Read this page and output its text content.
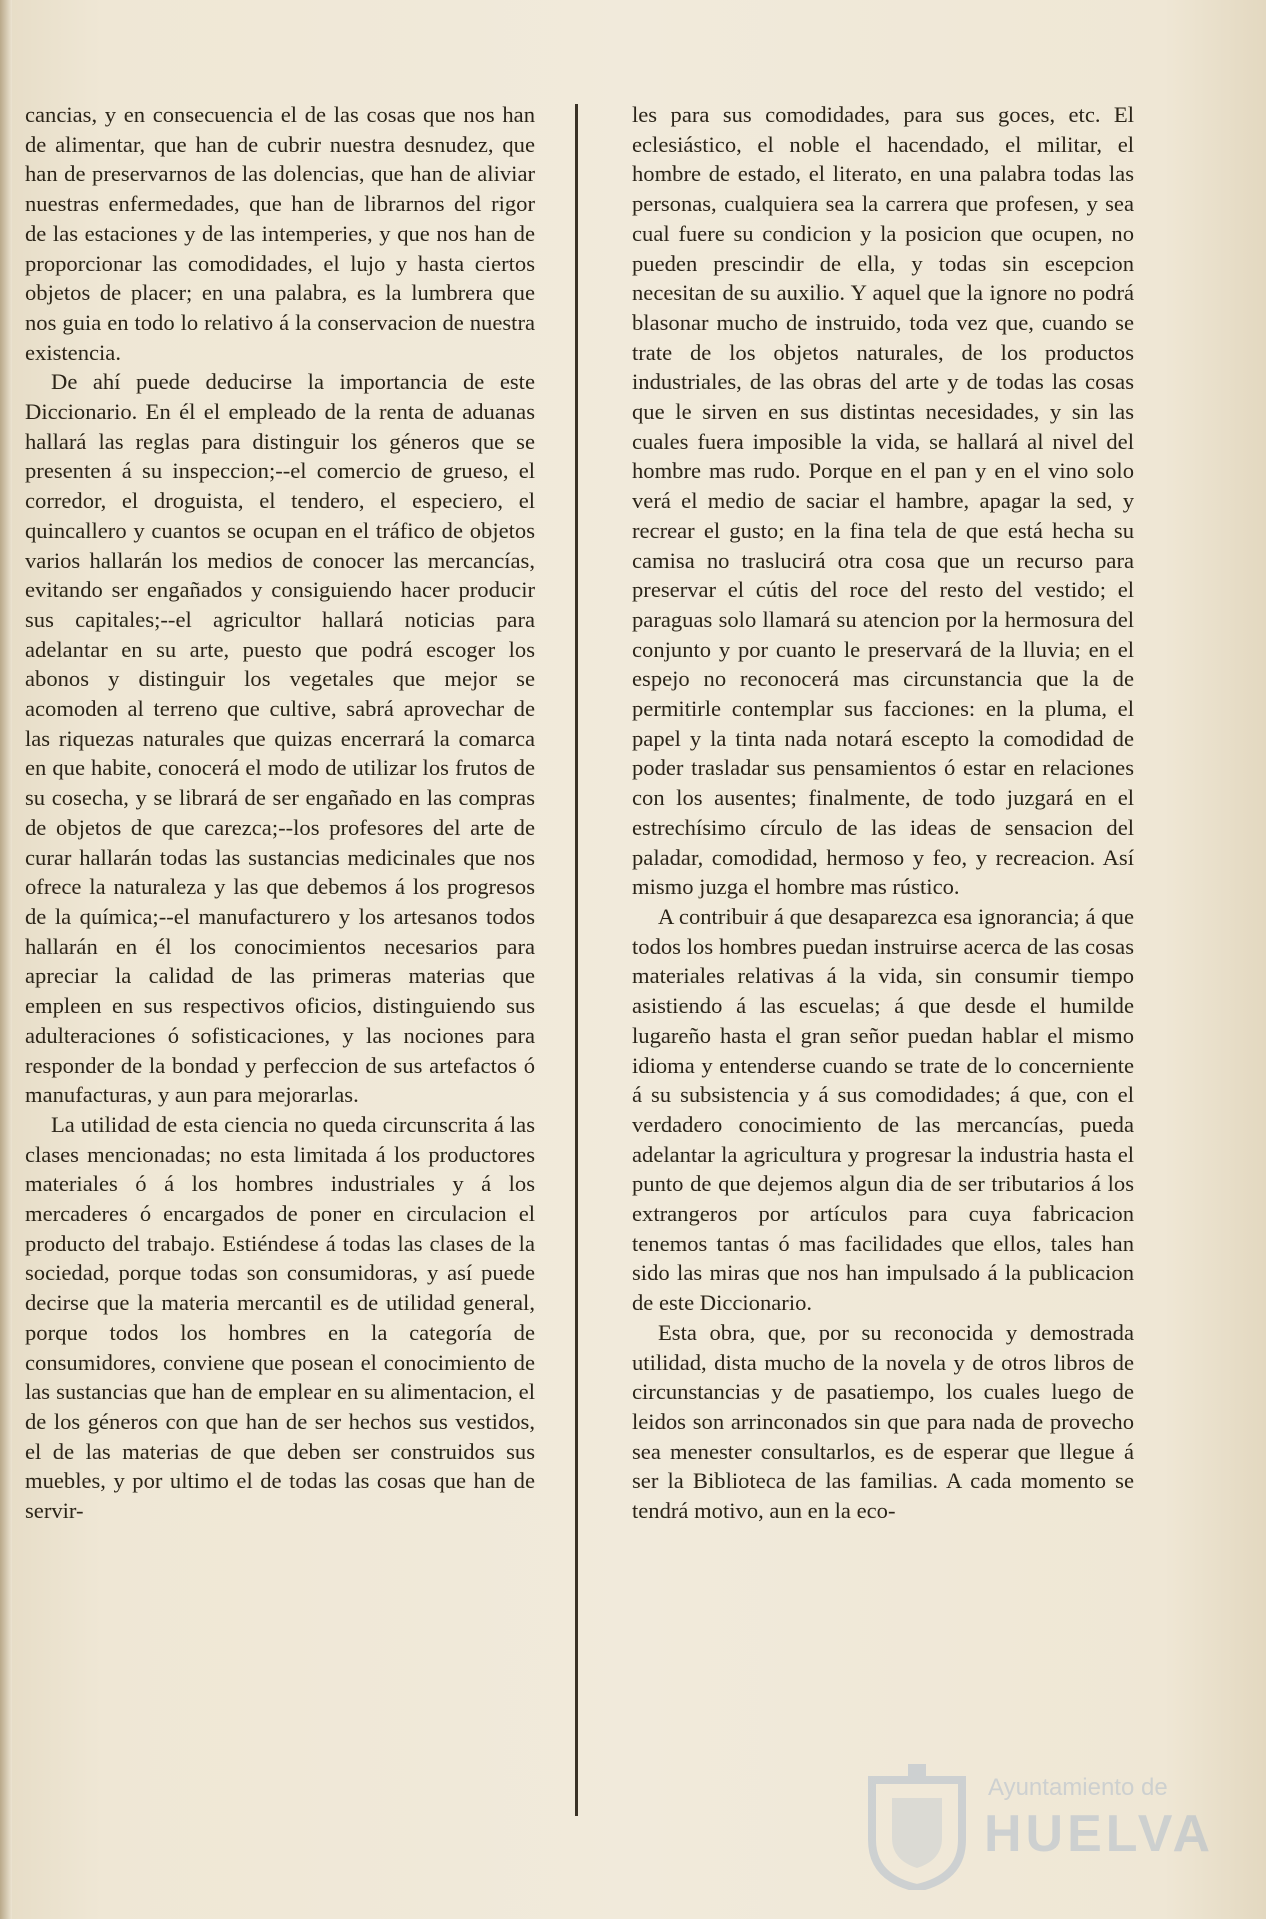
cancias, y en consecuencia el de las cosas que nos han de alimentar, que han de cubrir nuestra desnudez, que han de preservarnos de las dolencias, que han de aliviar nuestras enfermedades, que han de librarnos del rigor de las estaciones y de las intemperies, y que nos han de proporcionar las comodidades, el lujo y hasta ciertos objetos de placer; en una palabra, es la lumbrera que nos guia en todo lo relativo á la conservacion de nuestra existencia.

De ahí puede deducirse la importancia de este Diccionario. En él el empleado de la renta de aduanas hallará las reglas para distinguir los géneros que se presenten á su inspeccion;--el comercio de grueso, el corredor, el droguista, el tendero, el especiero, el quincallero y cuantos se ocupan en el tráfico de objetos varios hallarán los medios de conocer las mercancías, evitando ser engañados y consiguiendo hacer producir sus capitales;--el agricultor hallará noticias para adelantar en su arte, puesto que podrá escoger los abonos y distinguir los vegetales que mejor se acomoden al terreno que cultive, sabrá aprovechar de las riquezas naturales que quizas encerrará la comarca en que habite, conocerá el modo de utilizar los frutos de su cosecha, y se librará de ser engañado en las compras de objetos de que carezca;--los profesores del arte de curar hallarán todas las sustancias medicinales que nos ofrece la naturaleza y las que debemos á los progresos de la química;--el manufacturero y los artesanos todos hallarán en él los conocimientos necesarios para apreciar la calidad de las primeras materias que empleen en sus respectivos oficios, distinguiendo sus adulteraciones ó sofisticaciones, y las nociones para responder de la bondad y perfeccion de sus artefactos ó manufacturas, y aun para mejorarlas.

La utilidad de esta ciencia no queda circunscrita á las clases mencionadas; no esta limitada á los productores materiales ó á los hombres industriales y á los mercaderes ó encargados de poner en circulacion el producto del trabajo. Estiéndese á todas las clases de la sociedad, porque todas son consumidoras, y así puede decirse que la materia mercantil es de utilidad general, porque todos los hombres en la categoría de consumidores, conviene que posean el conocimiento de las sustancias que han de emplear en su alimentacion, el de los géneros con que han de ser hechos sus vestidos, el de las materias de que deben ser construidos sus muebles, y por ultimo el de todas las cosas que han de servir-

les para sus comodidades, para sus goces, etc. El eclesiástico, el noble el hacendado, el militar, el hombre de estado, el literato, en una palabra todas las personas, cualquiera sea la carrera que profesen, y sea cual fuere su condicion y la posicion que ocupen, no pueden prescindir de ella, y todas sin escepcion necesitan de su auxilio. Y aquel que la ignore no podrá blasonar mucho de instruido, toda vez que, cuando se trate de los objetos naturales, de los productos industriales, de las obras del arte y de todas las cosas que le sirven en sus distintas necesidades, y sin las cuales fuera imposible la vida, se hallará al nivel del hombre mas rudo. Porque en el pan y en el vino solo verá el medio de saciar el hambre, apagar la sed, y recrear el gusto; en la fina tela de que está hecha su camisa no traslucirá otra cosa que un recurso para preservar el cútis del roce del resto del vestido; el paraguas solo llamará su atencion por la hermosura del conjunto y por cuanto le preservará de la lluvia; en el espejo no reconocerá mas circunstancia que la de permitirle contemplar sus facciones: en la pluma, el papel y la tinta nada notará escepto la comodidad de poder trasladar sus pensamientos ó estar en relaciones con los ausentes; finalmente, de todo juzgará en el estrechísimo círculo de las ideas de sensacion del paladar, comodidad, hermoso y feo, y recreacion. Así mismo juzga el hombre mas rústico.

A contribuir á que desaparezca esa ignorancia; á que todos los hombres puedan instruirse acerca de las cosas materiales relativas á la vida, sin consumir tiempo asistiendo á las escuelas; á que desde el humilde lugareño hasta el gran señor puedan hablar el mismo idioma y entenderse cuando se trate de lo concerniente á su subsistencia y á sus comodidades; á que, con el verdadero conocimiento de las mercancías, pueda adelantar la agricultura y progresar la industria hasta el punto de que dejemos algun dia de ser tributarios á los extrangeros por artículos para cuya fabricacion tenemos tantas ó mas facilidades que ellos, tales han sido las miras que nos han impulsado á la publicacion de este Diccionario.

Esta obra, que, por su reconocida y demostrada utilidad, dista mucho de la novela y de otros libros de circunstancias y de pasatiempo, los cuales luego de leidos son arrinconados sin que para nada de provecho sea menester consultarlos, es de esperar que llegue á ser la Biblioteca de las familias. A cada momento se tendrá motivo, aun en la eco-

Ayuntamiento de
HUELVA
